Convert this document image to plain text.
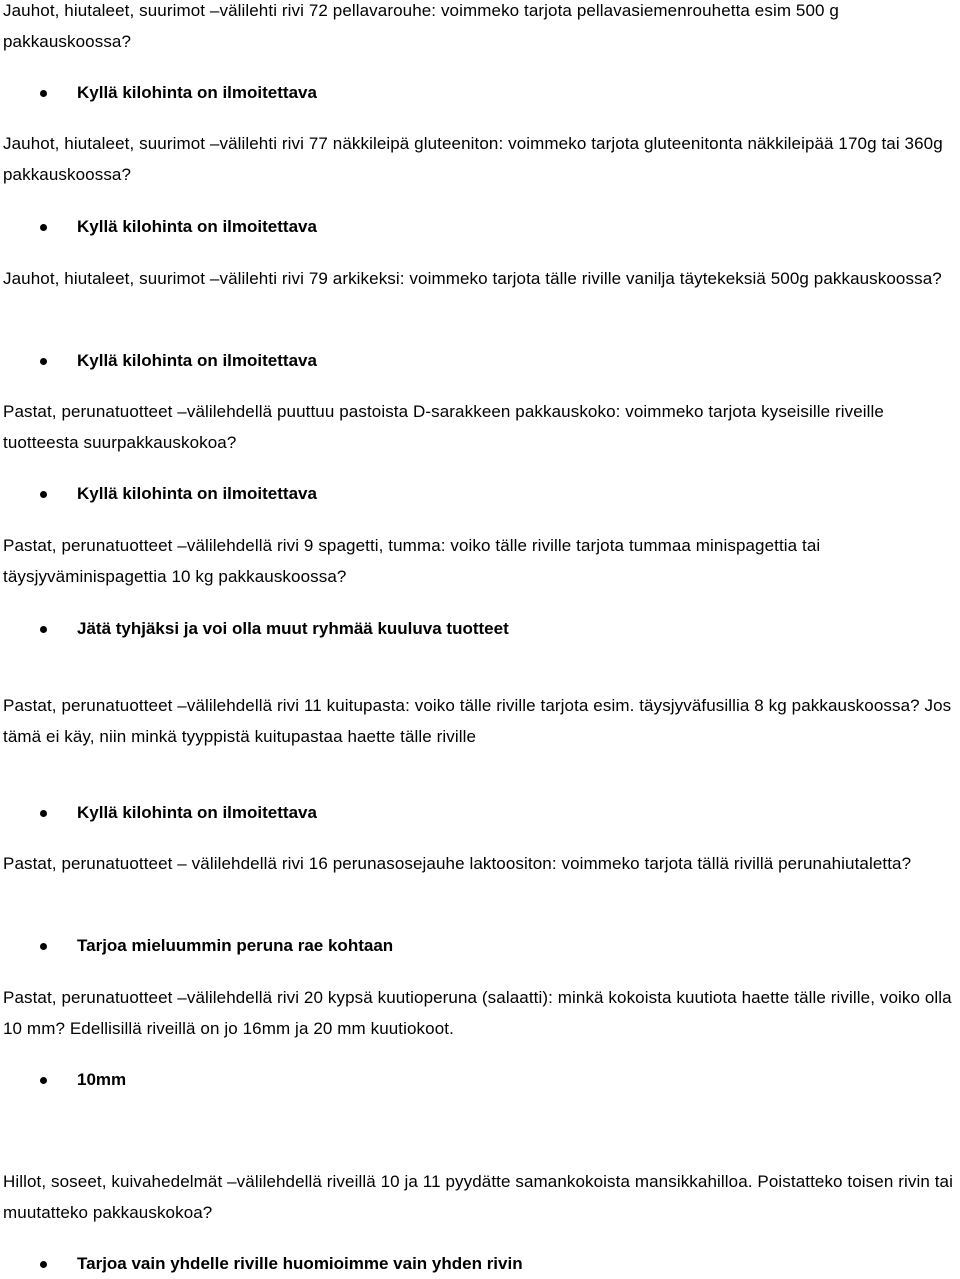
Jauhot, hiutaleet, suurimot –välilehti rivi 72 pellavarouhe: voimmeko tarjota pellavasiemenrouhetta esim 500 g pakkauskoossa?
Kyllä kilohinta on ilmoitettava
Jauhot, hiutaleet, suurimot –välilehti rivi 77 näkkileipä gluteeniton: voimmeko tarjota gluteenitonta näkkileipää 170g tai 360g pakkauskoossa?
Kyllä kilohinta on ilmoitettava
Jauhot, hiutaleet, suurimot –välilehti rivi 79 arkikeksi: voimmeko tarjota tälle riville vanilja täytekeksiä 500g pakkauskoossa?
Kyllä kilohinta on ilmoitettava
Pastat, perunatuotteet –välilehdellä puuttuu pastoista D-sarakkeen pakkauskoko: voimmeko tarjota kyseisille riveille tuotteesta suurpakkauskokoa?
Kyllä kilohinta on ilmoitettava
Pastat, perunatuotteet –välilehdellä rivi 9 spagetti, tumma: voiko tälle riville tarjota tummaa minispagettia tai täysjyväminispagettia 10 kg pakkauskoossa?
Jätä tyhjäksi ja voi olla muut ryhmää kuuluva tuotteet
Pastat, perunatuotteet –välilehdellä rivi 11 kuitupasta: voiko tälle riville tarjota esim. täysjyväfusillia 8 kg pakkauskoossa? Jos tämä ei käy, niin minkä tyyppistä kuitupastaa haette tälle riville
Kyllä kilohinta on ilmoitettava
Pastat, perunatuotteet – välilehdellä rivi 16 perunasosejauhe laktoositon: voimmeko tarjota tällä rivillä perunahiutaletta?
Tarjoa mieluummin peruna rae kohtaan
Pastat, perunatuotteet –välilehdellä rivi 20 kypsä kuutioperuna (salaatti): minkä kokoista kuutiota haette tälle riville, voiko olla 10 mm? Edellisillä riveillä on jo 16mm ja 20 mm kuutiokoot.
10mm
Hillot, soseet, kuivahedelmät –välilehdellä riveillä 10 ja 11 pyydätte samankokoista mansikkahilloa. Poistatteko toisen rivin tai muutatteko pakkauskokoa?
Tarjoa vain yhdelle riville huomioimme vain yhden rivin
